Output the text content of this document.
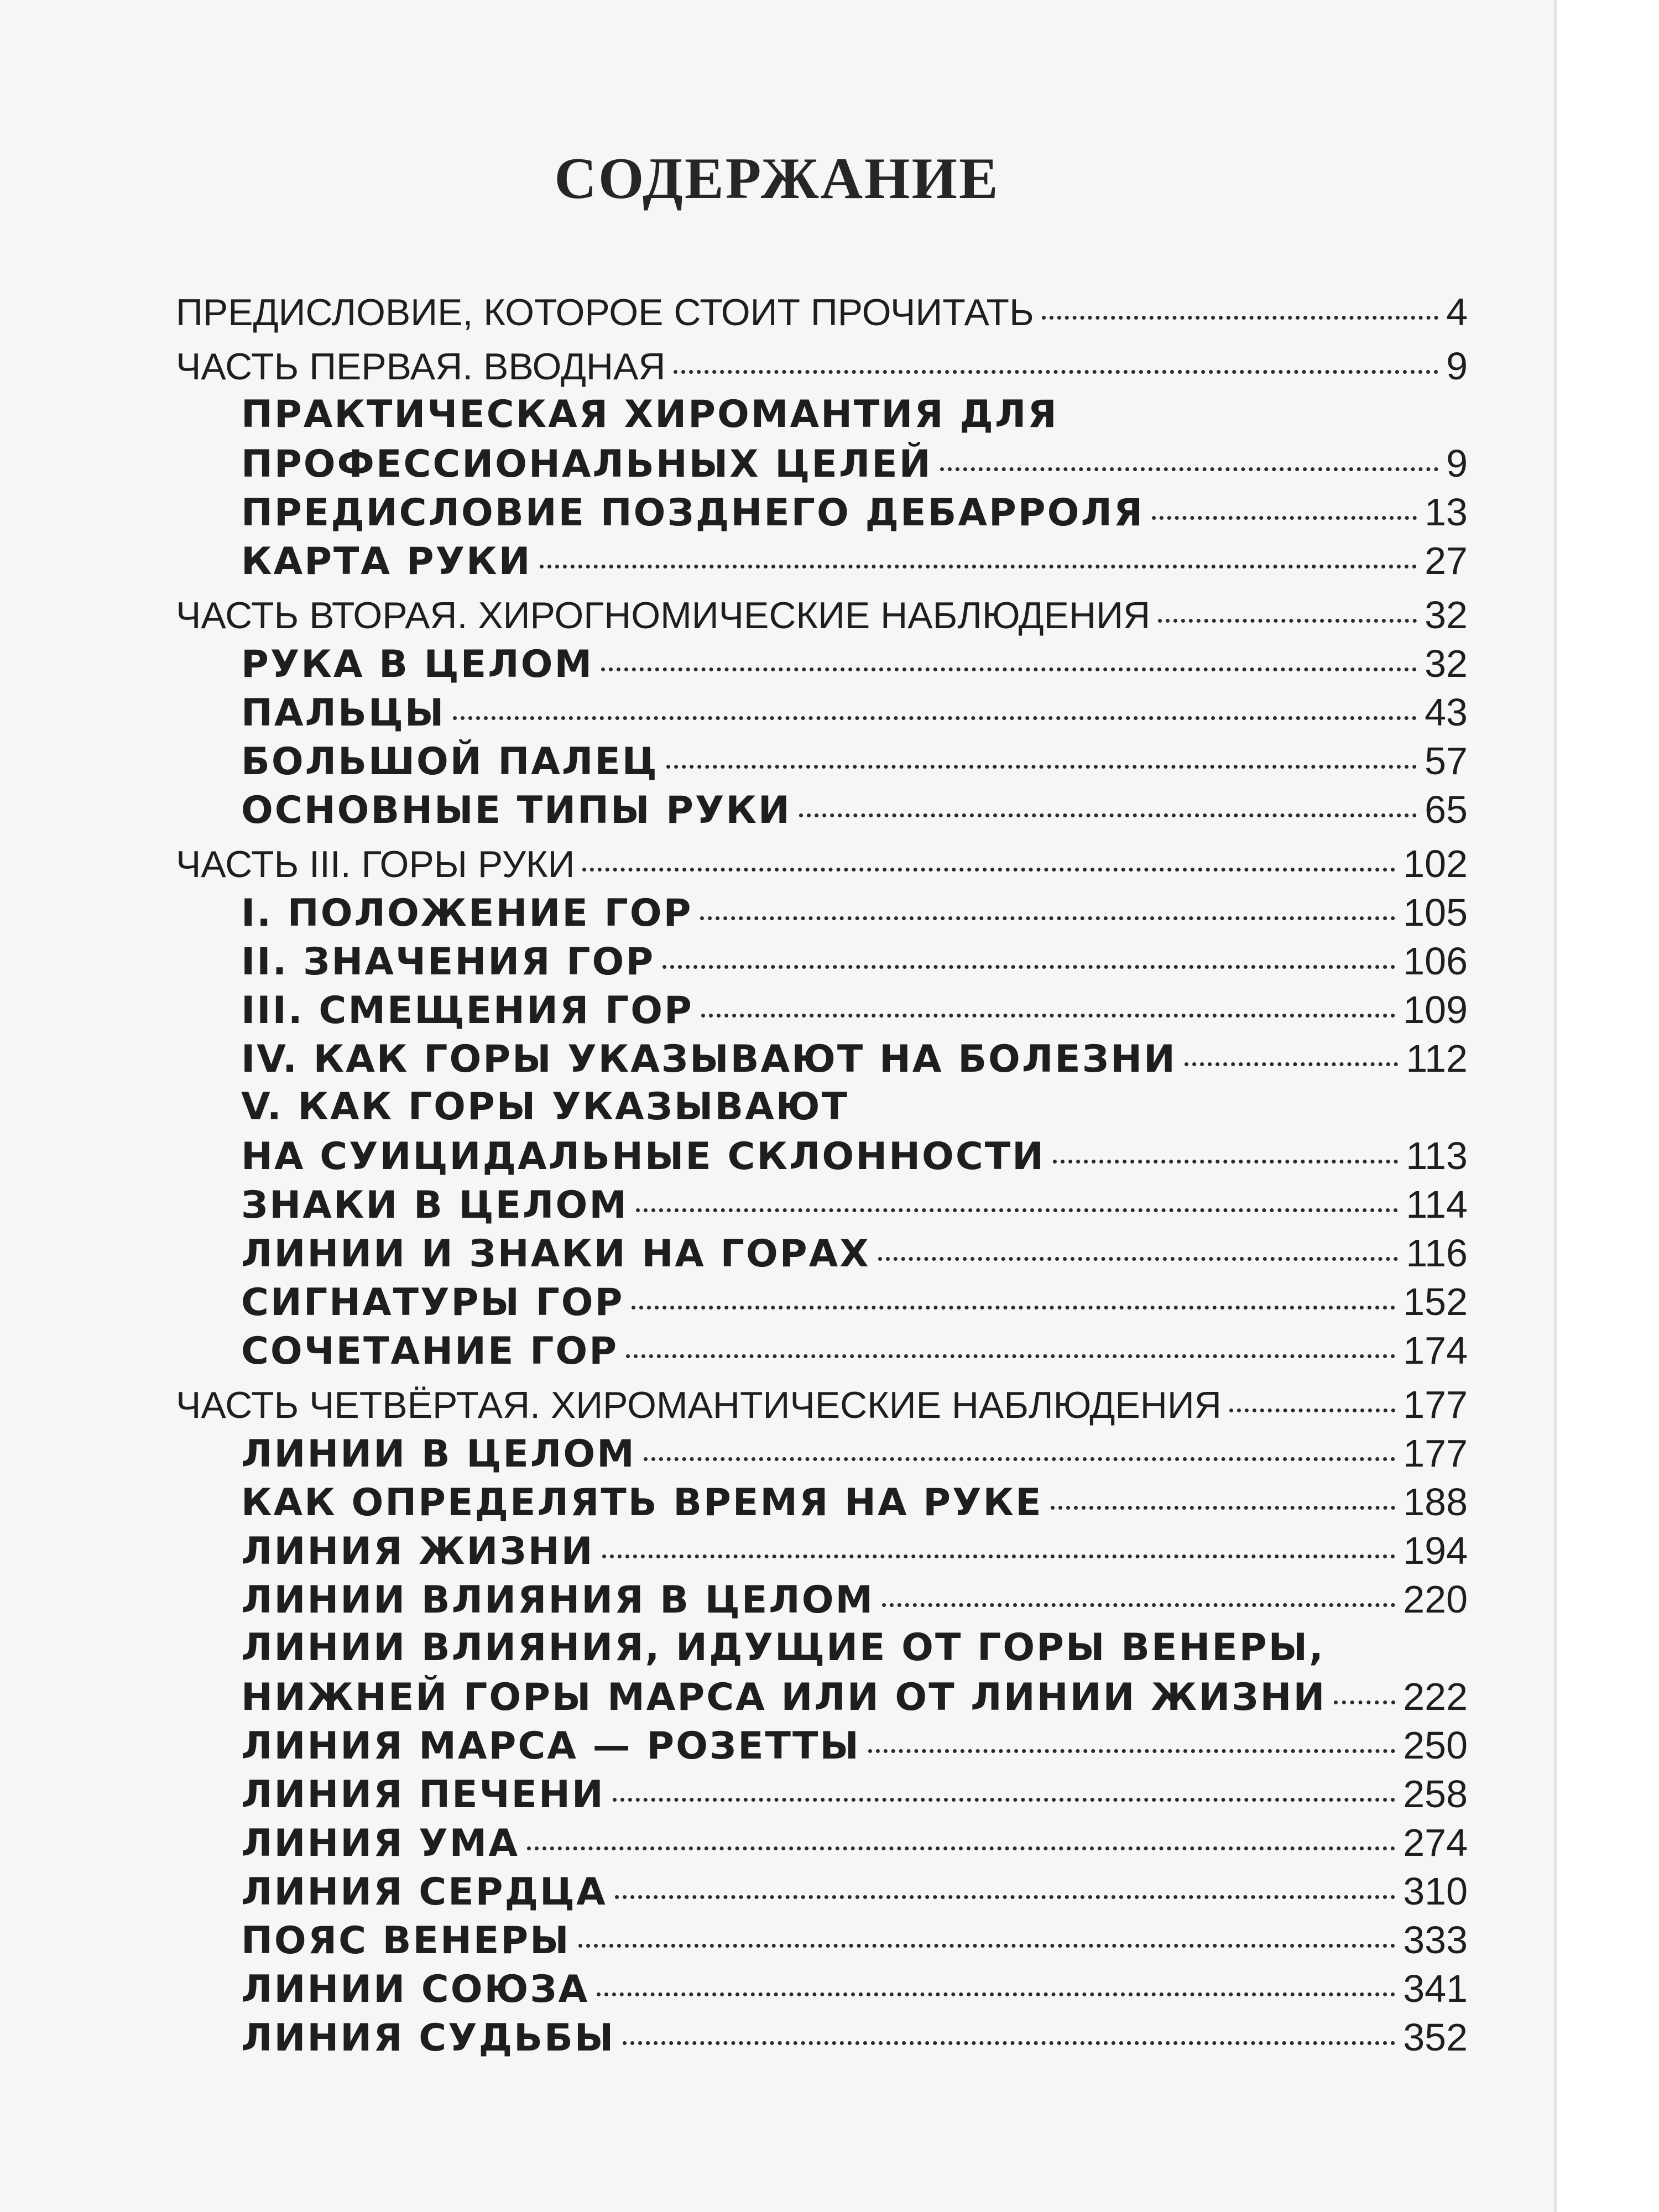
СОДЕРЖАНИЕ
ПРЕДИСЛОВИЕ, КОТОРОЕ СТОИТ ПРОЧИТАТЬ	4
ЧАСТЬ ПЕРВАЯ. ВВОДНАЯ	9
ПРАКТИЧЕСКАЯ ХИРОМАНТИЯ ДЛЯ
ПРОФЕССИОНАЛЬНЫХ ЦЕЛЕЙ	9
ПРЕДИСЛОВИЕ ПОЗДНЕГО ДЕБАРРОЛЯ	13
КАРТА РУКИ	27
ЧАСТЬ ВТОРАЯ. ХИРОГНОМИЧЕСКИЕ НАБЛЮДЕНИЯ	32
РУКА В ЦЕЛОМ	32
ПАЛЬЦЫ	43
БОЛЬШОЙ ПАЛЕЦ	57
ОСНОВНЫЕ ТИПЫ РУКИ	65
ЧАСТЬ III. ГОРЫ РУКИ	102
I. ПОЛОЖЕНИЕ ГОР	105
II. ЗНАЧЕНИЯ ГОР	106
III. СМЕЩЕНИЯ ГОР	109
IV. КАК ГОРЫ УКАЗЫВАЮТ НА БОЛЕЗНИ	112
V. КАК ГОРЫ УКАЗЫВАЮТ
НА СУИЦИДАЛЬНЫЕ СКЛОННОСТИ	113
ЗНАКИ В ЦЕЛОМ	114
ЛИНИИ И ЗНАКИ НА ГОРАХ	116
СИГНАТУРЫ ГОР	152
СОЧЕТАНИЕ ГОР	174
ЧАСТЬ ЧЕТВЁРТАЯ. ХИРОМАНТИЧЕСКИЕ НАБЛЮДЕНИЯ	177
ЛИНИИ В ЦЕЛОМ	177
КАК ОПРЕДЕЛЯТЬ ВРЕМЯ НА РУКЕ	188
ЛИНИЯ ЖИЗНИ	194
ЛИНИИ ВЛИЯНИЯ В ЦЕЛОМ	220
ЛИНИИ ВЛИЯНИЯ, ИДУЩИЕ ОТ ГОРЫ ВЕНЕРЫ,
НИЖНЕЙ ГОРЫ МАРСА ИЛИ ОТ ЛИНИИ ЖИЗНИ 222
ЛИНИЯ МАРСА — РОЗЕТТЫ	250
ЛИНИЯ ПЕЧЕНИ	258
ЛИНИЯ УМА	274
ЛИНИЯ СЕРДЦА	310
ПОЯС ВЕНЕРЫ	333
ЛИНИИ СОЮЗА	341
ЛИНИЯ СУДЬБЫ	352
